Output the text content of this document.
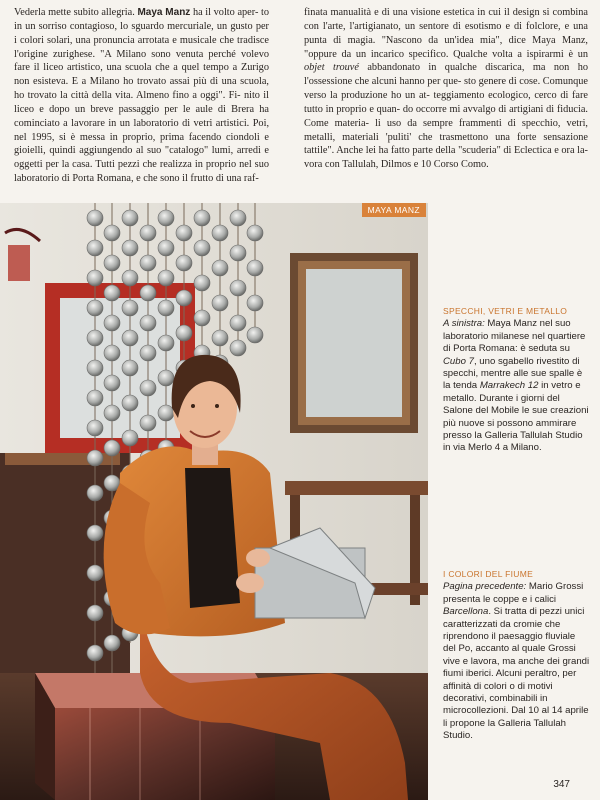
Vederla mette subito allegria. Maya Manz ha il volto aper- to in un sorriso contagioso, lo sguardo mercuriale, un gusto per i colori solari, una pronuncia arrotata e musicale che tradisce l'origine zurighese. "A Milano sono venuta perché volevo fare il liceo artistico, una scuola che a quel tempo a Zurigo non esisteva. E a Milano ho trovato assai più di una scuola, ho trovato la città della vita. Almeno fino a oggi". Fi- nito il liceo e dopo un breve passaggio per le aule di Brera ha cominciato a lavorare in un laboratorio di vetri artistici. Poi, nel 1995, si è messa in proprio, prima facendo ciondoli e gioielli, quindi aggiungendo al suo "catalogo" lumi, arredi e oggetti per la casa. Tutti pezzi che realizza in proprio nel suo laboratorio di Porta Romana, e che sono il frutto di una raf-

finata manualità e di una visione estetica in cui il design si combina con l'arte, l'artigianato, un sentore di esotismo e di folclore, e una punta di magia. "Nascono da un'idea mia", dice Maya Manz, "oppure da un incarico specifico. Qualche volta a ispirarmi è un objet trouvé abbandonato in qualche discarica, ma non ho l'ossessione che alcuni hanno per que- sto genere di cose. Comunque verso la produzione ho un at- teggiamento ecologico, cerco di fare tutto in proprio e quan- do occorre mi avvalgo di artigiani di fiducia. Come materia- li uso da sempre frammenti di specchio, vetri, metalli, materiali 'puliti' che trasmettono una forte sensazione tattile". Anche lei ha fatto parte della "scuderia" di Eclectica e ora la- vora con Tallulah, Dilmos e 10 Corso Como.

MAYA MANZ
SPECCHI, VETRI E METALLO
A sinistra: Maya Manz nel suo laboratorio milanese nel quartiere di Porta Romana: è seduta su Cubo 7, uno sgabello rivestito di specchi, mentre alle sue spalle è la tenda Marrakech 12 in vetro e metallo. Durante i giorni del Salone del Mobile le sue creazioni più nuove si possono ammirare presso la Galleria Tallulah Studio in via Merlo 4 a Milano.
I COLORI DEL FIUME
Pagina precedente: Mario Grossi presenta le coppe e i calici Barcellona. Si tratta di pezzi unici caratterizzati da cromie che riprendono il paesaggio fluviale del Po, accanto al quale Grossi vive e lavora, ma anche dei grandi fiumi iberici. Alcuni peraltro, per affinità di colori o di motivi decorativi, combinabili in microcollezioni. Dal 10 al 14 aprile li propone la Galleria Tallulah Studio.
347
